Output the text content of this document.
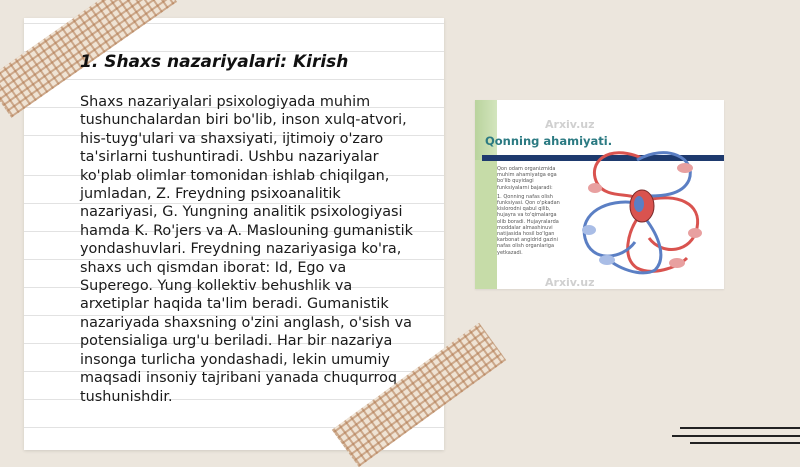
1. Shaxs nazariyalari: Kirish

Shaxs nazariyalari psixologiyada muhim tushunchalardan biri bo'lib, inson xulq-atvori, his-tuyg'ulari va shaxsiyati, ijtimoiy o'zaro ta'sirlarni tushuntiradi. Ushbu nazariyalar ko'plab olimlar tomonidan ishlab chiqilgan, jumladan, Z. Freydning psixoanalitik nazariyasi, G. Yungning analitik psixologiyasi hamda K. Ro'jers va A. Maslouning gumanistik yondashuvlari. Freydning nazariyasiga ko'ra, shaxs uch qismdan iborat: Id, Ego va Superego. Yung kollektiv behushlik va arxetiplar haqida ta'lim beradi. Gumanistik nazariyada shaxsning o'zini anglash, o'sish va potensialiga urg'u beriladi. Har bir nazariya insonga turlicha yondashadi, lekin umumiy maqsadi insoniy tajribani yanada chuqurroq tushunishdir.

Arxiv.uz
Arxiv.uz
Qonning ahamiyati.

Qon odam organizmida muhim ahamiyatga ega bo'lib quyidagi funksiyalarni bajaradi:

1. Qonning nafas olish funksiyasi. Qon o'pkadan kislorodni qabul qilib, hujayra va to'qimalarga olib boradi. Hujayralarda moddalar almashinuvi natijasida hosil bo'lgan karbonat angidrid gazini nafas olish organlariga yetkazadi.
